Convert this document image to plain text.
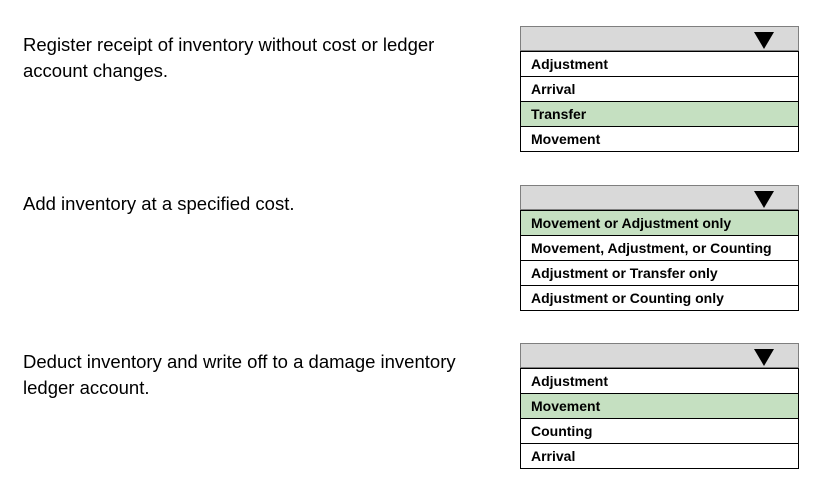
Register receipt of inventory without cost or ledger account changes.	Adjustment
Arrival
Transfer
Movement
Add inventory at a specified cost.
Movement or Adjustment only
Movement, Adjustment, or Counting
Adjustment or Transfer only
Adjustment or Counting only
Deduct inventory and write off to a damage inventory ledger account.	Adjustment
Movement
Counting
Arrival
